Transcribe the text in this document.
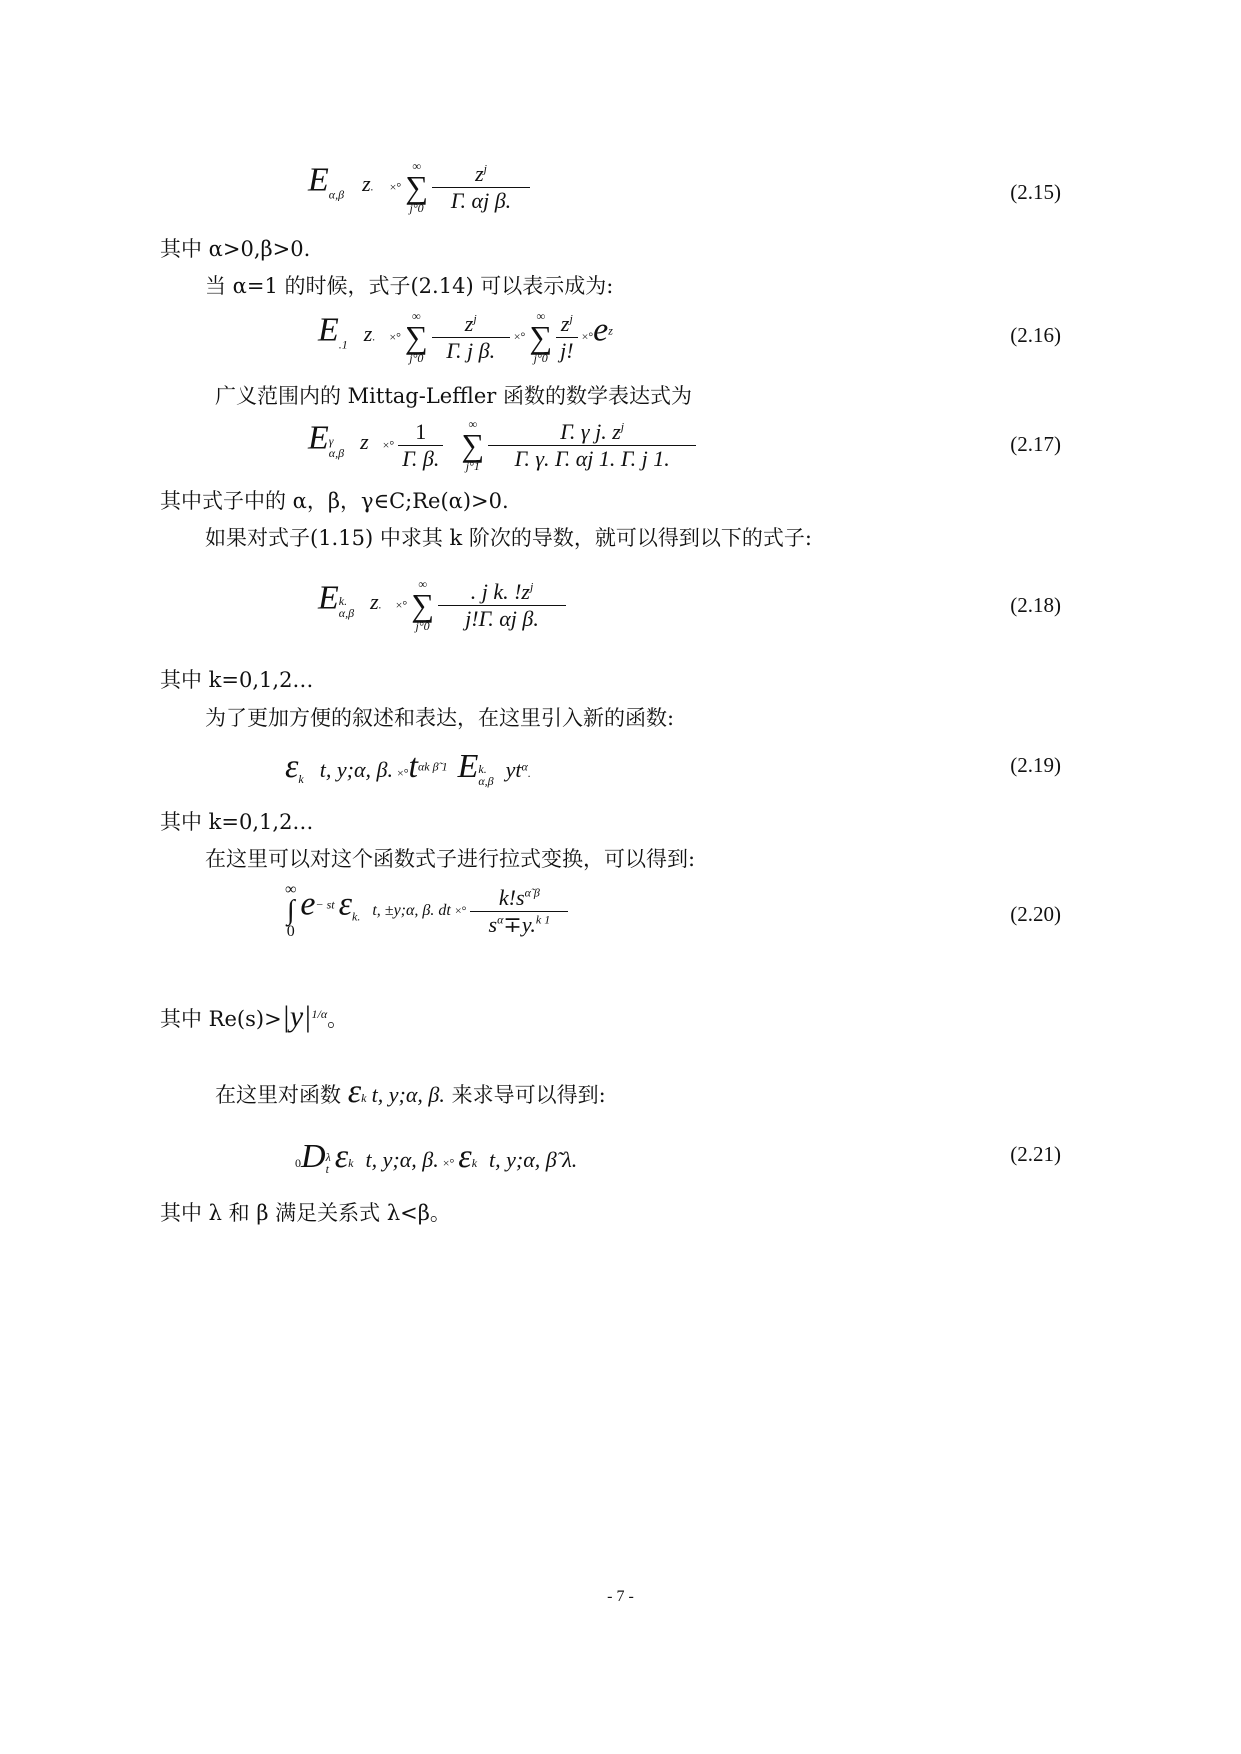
$E_{\alpha,\beta}$ z. ×°
∞
∑
j°0
$\frac{z^j}{\text{Γ. αj β.}}$	(2.15)
其中 α>0,β>0.
当 α=1 的时候，式子(2.14) 可以表示成为:
$E_{.1}$ z. ×°
∞
∑
j°0
$\frac{z^j}{\text{Γ. j β.}}$ ×°
∞
∑
j°0
$\frac{z^j}{j!} \times^\circ e^z$	(2.16)
广义范围内的 Mittag-Leffler 函数的数学表达式为
Eγ
α,β z ×° $\frac{1}{\Gamma. \beta.}$
	∞
∑
j°1
$\frac{\Gamma. \gamma j. z^j}{\Gamma. \gamma. \Gamma. \alpha j 1. \Gamma. j 1.}$	(2.17)
其中式子中的 α，β，γ∈C;Re(α)>0.
如果对式子(1.15) 中求其 k 阶次的导数，就可以得到以下的式子:
Ek.
α,β z. ×°
∞
∑
j°0
$\frac{. j k. !z^j}{\text{j!Γ. αj β.}}$	(2.18)
其中 k=0,1,2…
为了更加方便的叙述和表达，在这里引入新的函数:
$\varepsilon_k$ t, y;α, β. $\times^\circ t^{\alpha k \betã 1}$ Ek.
α,β $yt^\alpha$.	(2.19)
其中 k=0,1,2…
在这里可以对这个函数式子进行拉式变换，可以得到:
∞
∫
0
$e^{- st}$ $\varepsilon_{k.}$ t, ±y;α, β. dt ×° $\frac{k!s^{\alphã \beta}}{s^\alpha\mp y.^{k 1}}$	(2.20)
其中 $Re(s)>|y|^{1/\alpha}$。
在这里对函数 εk t, y;α, β. 来求导可以得到:
0Dλ
t εk t, y;α, β. ×° εk t, y;α, β̃ λ.	(2.21)
其中 λ 和 β 满足关系式 λ<β。
- 7 -
